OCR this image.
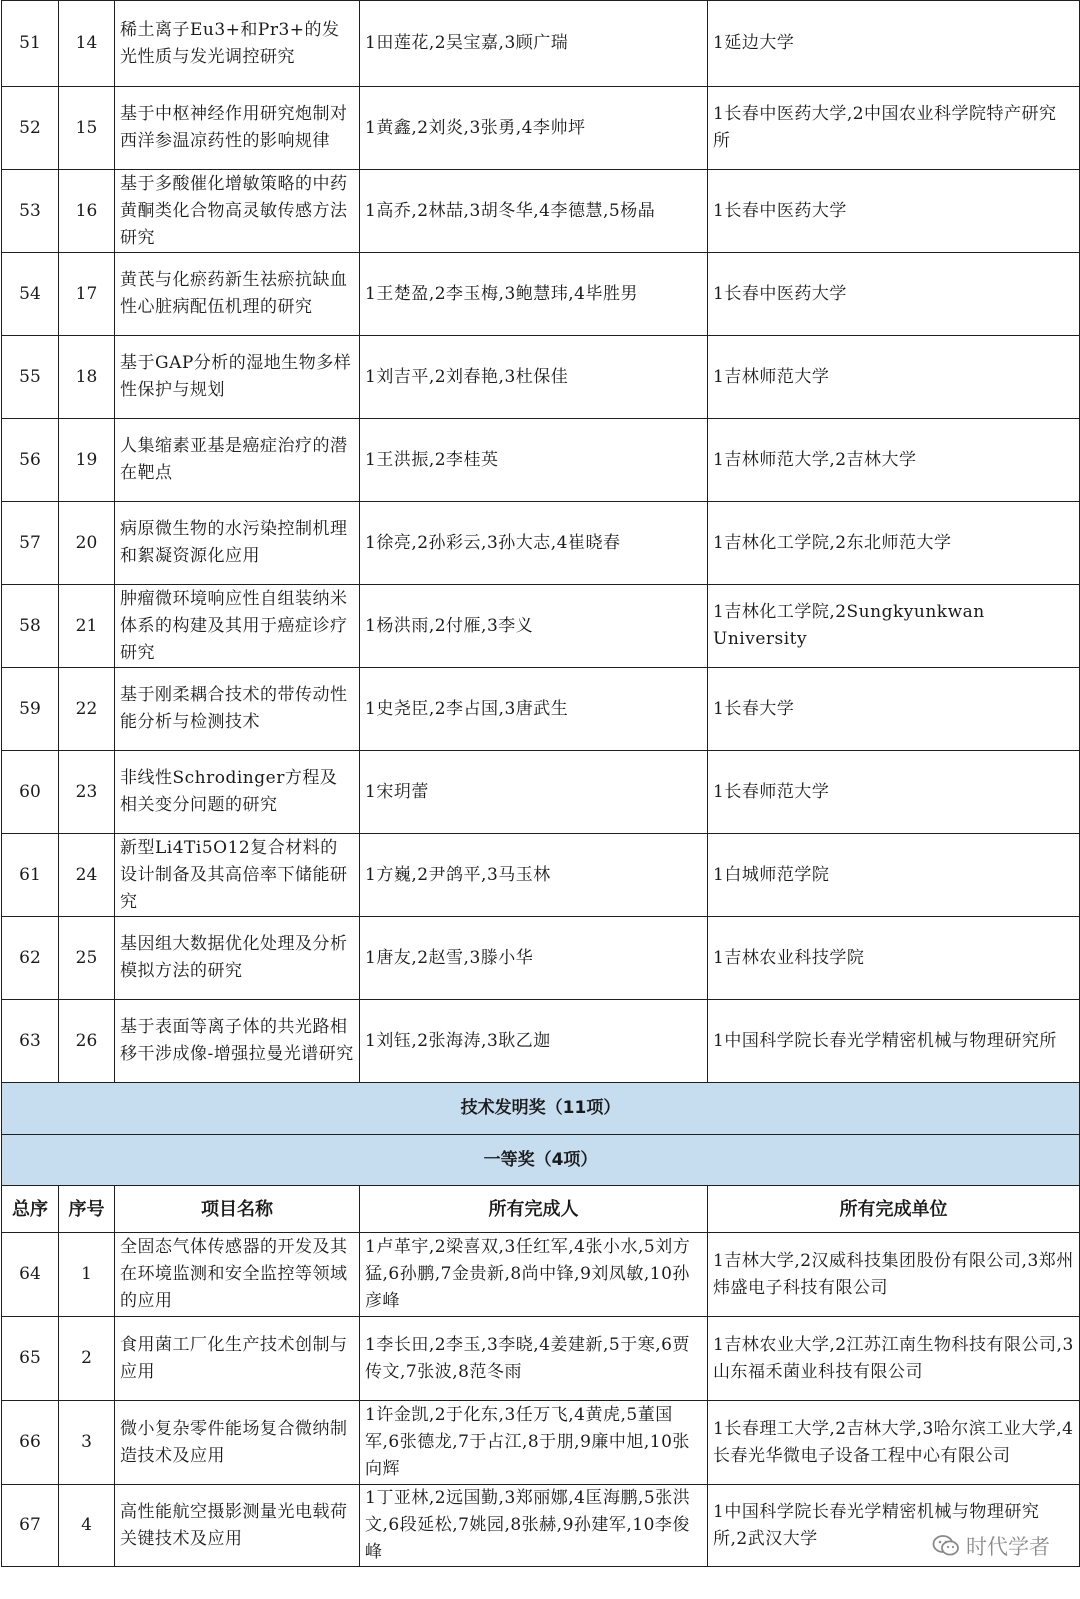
51	14	稀土离子Eu3+和Pr3+的发光性质与发光调控研究	1田莲花,2吴宝嘉,3顾广瑞	1延边大学
52	15	基于中枢神经作用研究炮制对西洋参温凉药性的影响规律	1黄鑫,2刘炎,3张勇,4李帅坪	1长春中医药大学,2中国农业科学院特产研究所
53	16	基于多酸催化增敏策略的中药黄酮类化合物高灵敏传感方法研究	1高乔,2林喆,3胡冬华,4李德慧,5杨晶	1长春中医药大学
54	17	黄芪与化瘀药新生祛瘀抗缺血性心脏病配伍机理的研究	1王楚盈,2李玉梅,3鲍慧玮,4毕胜男	1长春中医药大学
55	18	基于GAP分析的湿地生物多样性保护与规划	1刘吉平,2刘春艳,3杜保佳	1吉林师范大学
56	19	人集缩素亚基是癌症治疗的潜在靶点	1王洪振,2李桂英	1吉林师范大学,2吉林大学
57	20	病原微生物的水污染控制机理和絮凝资源化应用	1徐亮,2孙彩云,3孙大志,4崔晓春	1吉林化工学院,2东北师范大学
58	21	肿瘤微环境响应性自组装纳米体系的构建及其用于癌症诊疗研究	1杨洪雨,2付雁,3李义	1吉林化工学院,2Sungkyunkwan University
59	22	基于刚柔耦合技术的带传动性能分析与检测技术	1史尧臣,2李占国,3唐武生	1长春大学
60	23	非线性Schrodinger方程及相关变分问题的研究	1宋玥蕾	1长春师范大学
61	24	新型Li4Ti5O12复合材料的设计制备及其高倍率下储能研究	1方巍,2尹鸽平,3马玉林	1白城师范学院
62	25	基因组大数据优化处理及分析模拟方法的研究	1唐友,2赵雪,3滕小华	1吉林农业科技学院
63	26	基于表面等离子体的共光路相移干涉成像-增强拉曼光谱研究	1刘钰,2张海涛,3耿乙迦	1中国科学院长春光学精密机械与物理研究所
技术发明奖（11项）				
一等奖（4项）				
总序	序号	项目名称	所有完成人	所有完成单位
64	1	全固态气体传感器的开发及其在环境监测和安全监控等领域的应用	1卢革宇,2梁喜双,3任红军,4张小水,5刘方猛,6孙鹏,7金贵新,8尚中锋,9刘凤敏,10孙彦峰	1吉林大学,2汉威科技集团股份有限公司,3郑州炜盛电子科技有限公司
65	2	食用菌工厂化生产技术创制与应用	1李长田,2李玉,3李晓,4姜建新,5于寒,6贾传文,7张波,8范冬雨	1吉林农业大学,2江苏江南生物科技有限公司,3山东福禾菌业科技有限公司
66	3	微小复杂零件能场复合微纳制造技术及应用	1许金凯,2于化东,3任万飞,4黄虎,5董国军,6张德龙,7于占江,8于朋,9廉中旭,10张向辉	1长春理工大学,2吉林大学,3哈尔滨工业大学,4长春光华微电子设备工程中心有限公司
67	4	高性能航空摄影测量光电载荷关键技术及应用	1丁亚林,2远国勤,3郑丽娜,4匡海鹏,5张洪文,6段延松,7姚园,8张赫,9孙建军,10李俊峰	1中国科学院长春光学精密机械与物理研究所,2武汉大学	时代学者
